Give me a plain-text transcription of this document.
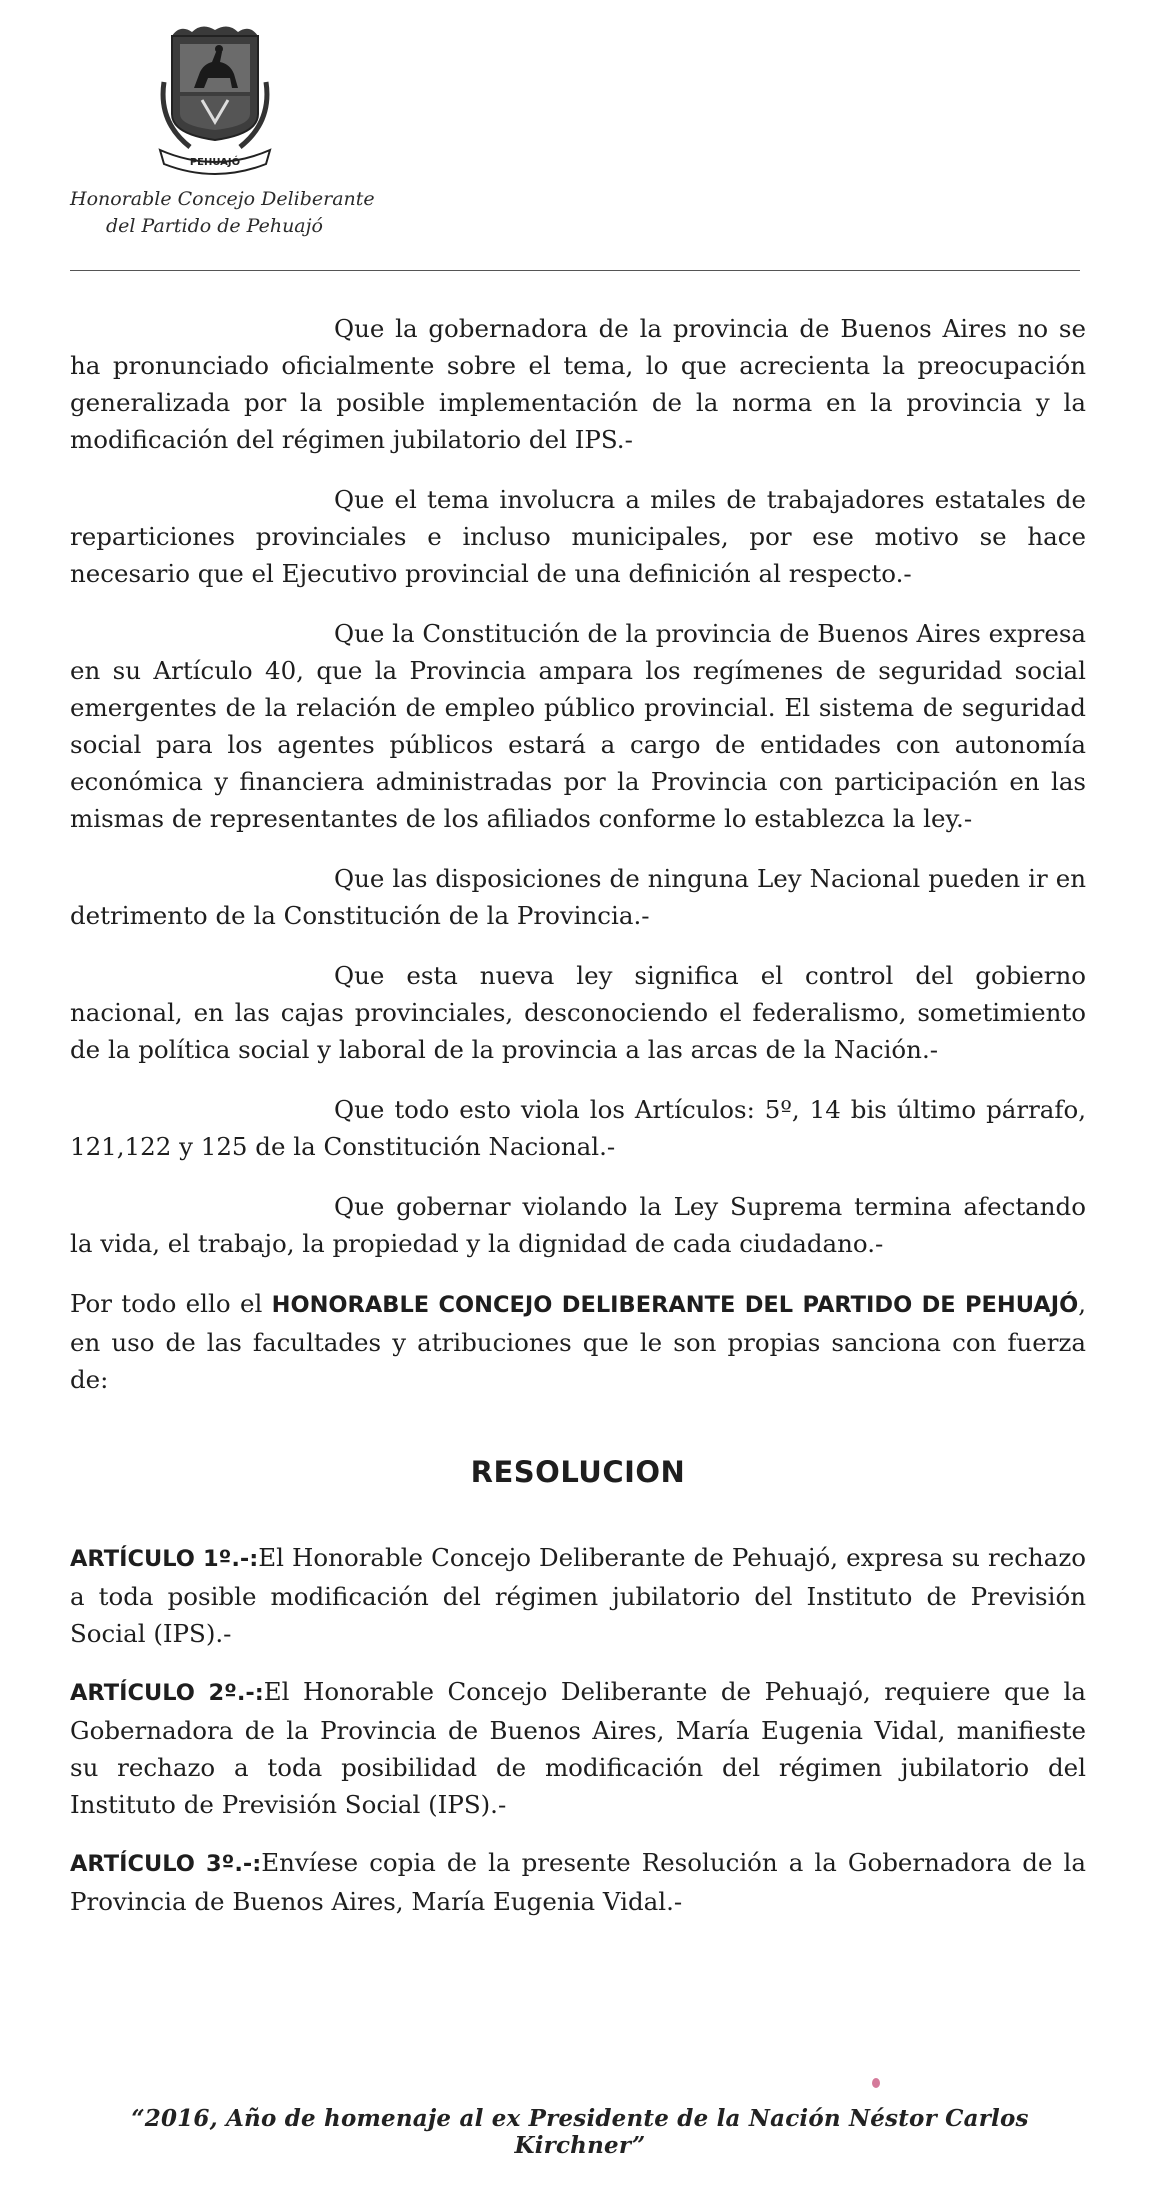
PEHUAJÓ
Honorable Concejo Deliberante
del Partido de Pehuajó

Que la gobernadora de la provincia de Buenos Aires no se ha pronunciado oficialmente sobre el tema, lo que acrecienta la preocupación generalizada por la posible implementación de la norma en la provincia y la modificación del régimen jubilatorio del IPS.-

Que el tema involucra a miles de trabajadores estatales de reparticiones provinciales e incluso municipales, por ese motivo se hace necesario que el Ejecutivo provincial de una definición al respecto.-

Que la Constitución de la provincia de Buenos Aires expresa en su Artículo 40, que la Provincia ampara los regímenes de seguridad social emergentes de la relación de empleo público provincial. El sistema de seguridad social para los agentes públicos estará a cargo de entidades con autonomía económica y financiera administradas por la Provincia con participación en las mismas de representantes de los afiliados conforme lo establezca la ley.-

Que las disposiciones de ninguna Ley Nacional pueden ir en detrimento de la Constitución de la Provincia.-

Que esta nueva ley significa el control del gobierno nacional, en las cajas provinciales, desconociendo el federalismo, sometimiento de la política social y laboral de la provincia a las arcas de la Nación.-

Que todo esto viola los Artículos: 5º, 14 bis último párrafo, 121,122 y 125 de la Constitución Nacional.-

Que gobernar violando la Ley Suprema termina afectando la vida, el trabajo, la propiedad y la dignidad de cada ciudadano.-

Por todo ello el HONORABLE CONCEJO DELIBERANTE DEL PARTIDO DE PEHUAJÓ, en uso de las facultades y atribuciones que le son propias sanciona con fuerza de:

RESOLUCION

ARTÍCULO 1º.-:El Honorable Concejo Deliberante de Pehuajó, expresa su rechazo a toda posible modificación del régimen jubilatorio del Instituto de Previsión Social (IPS).-

ARTÍCULO 2º.-:El Honorable Concejo Deliberante de Pehuajó, requiere que la Gobernadora de la Provincia de Buenos Aires, María Eugenia Vidal, manifieste su rechazo a toda posibilidad de modificación del régimen jubilatorio del Instituto de Previsión Social (IPS).-

ARTÍCULO 3º.-:Envíese copia de la presente Resolución a la Gobernadora de la Provincia de Buenos Aires, María Eugenia Vidal.-

“2016, Año de homenaje al ex Presidente de la Nación Néstor Carlos Kirchner”
